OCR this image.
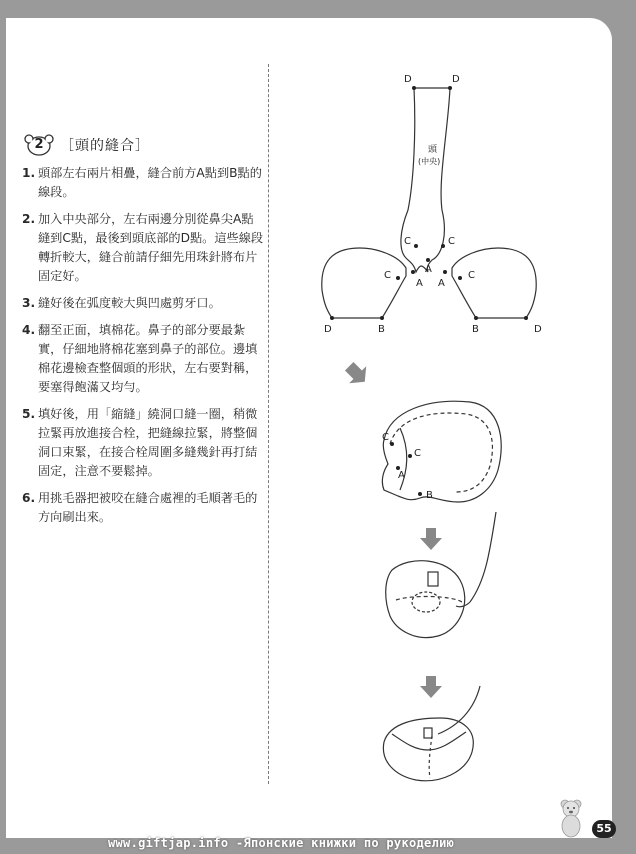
2	［頭的縫合］
1. 頭部左右兩片相疊，縫合前方A點到B點的線段。
2. 加入中央部分，左右兩邊分別從鼻尖A點縫到C點，最後到頭底部的D點。這些線段轉折較大，縫合前請仔細先用珠針將布片固定好。
3. 縫好後在弧度較大與凹處剪牙口。
4. 翻至正面，填棉花。鼻子的部分要最紮實，仔細地將棉花塞到鼻子的部位。邊填棉花邊檢查整個頭的形狀，左右要對稱，要塞得飽滿又均勻。
5. 填好後，用「縮縫」繞洞口縫一圈，稍微拉緊再放進接合栓，把縫線拉緊，將整個洞口束緊，在接合栓周圍多縫幾針再打結固定，注意不要鬆掉。
6. 用挑毛器把被咬在縫合處裡的毛順著毛的方向刷出來。
D	D
頭
(中央)
C	C
A
C
A A
C
D	B	B	D
C
C
A
B
55
www.giftjap.info -Японские книжки по рукоделию
